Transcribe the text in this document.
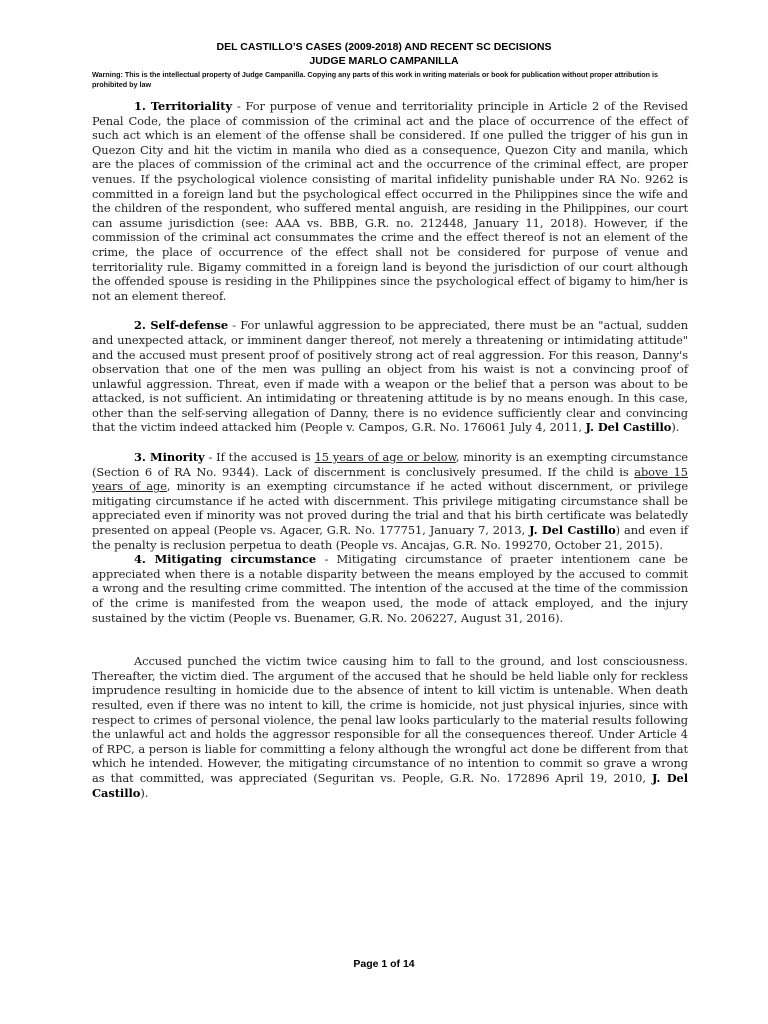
DEL CASTILLO’S CASES (2009-2018) AND RECENT SC DECISIONS
JUDGE MARLO CAMPANILLA
Warning: This is the intellectual property of Judge Campanilla. Copying any parts of this work in writing materials or book for publication without proper attribution is prohibited by law

1. Territoriality - For purpose of venue and territoriality principle in Article 2 of the Revised Penal Code, the place of commission of the criminal act and the place of occurrence of the effect of such act which is an element of the offense shall be considered. If one pulled the trigger of his gun in Quezon City and hit the victim in manila who died as a consequence, Quezon City and manila, which are the places of commission of the criminal act and the occurrence of the criminal effect, are proper venues. If the psychological violence consisting of marital infidelity punishable under RA No. 9262 is committed in a foreign land but the psychological effect occurred in the Philippines since the wife and the children of the respondent, who suffered mental anguish, are residing in the Philippines, our court can assume jurisdiction (see: AAA vs. BBB, G.R. no. 212448, January 11, 2018). However, if the commission of the criminal act consummates the crime and the effect thereof is not an element of the crime, the place of occurrence of the effect shall not be considered for purpose of venue and territoriality rule. Bigamy committed in a foreign land is beyond the jurisdiction of our court although the offended spouse is residing in the Philippines since the psychological effect of bigamy to him/her is not an element thereof.

2. Self-defense - For unlawful aggression to be appreciated, there must be an "actual, sudden and unexpected attack, or imminent danger thereof, not merely a threatening or intimidating attitude" and the accused must present proof of positively strong act of real aggression. For this reason, Danny's observation that one of the men was pulling an object from his waist is not a convincing proof of unlawful aggression. Threat, even if made with a weapon or the belief that a person was about to be attacked, is not sufficient. An intimidating or threatening attitude is by no means enough. In this case, other than the self-serving allegation of Danny, there is no evidence sufficiently clear and convincing that the victim indeed attacked him (People v. Campos, G.R. No. 176061 July 4, 2011, J. Del Castillo).

3. Minority - If the accused is 15 years of age or below, minority is an exempting circumstance (Section 6 of RA No. 9344). Lack of discernment is conclusively presumed. If the child is above 15 years of age, minority is an exempting circumstance if he acted without discernment, or privilege mitigating circumstance if he acted with discernment. This privilege mitigating circumstance shall be appreciated even if minority was not proved during the trial and that his birth certificate was belatedly presented on appeal (People vs. Agacer, G.R. No. 177751, January 7, 2013, J. Del Castillo) and even if the penalty is reclusion perpetua to death (People vs. Ancajas, G.R. No. 199270, October 21, 2015).

4. Mitigating circumstance - Mitigating circumstance of praeter intentionem cane be appreciated when there is a notable disparity between the means employed by the accused to commit a wrong and the resulting crime committed. The intention of the accused at the time of the commission of the crime is manifested from the weapon used, the mode of attack employed, and the injury sustained by the victim (People vs. Buenamer, G.R. No. 206227, August 31, 2016).

Accused punched the victim twice causing him to fall to the ground, and lost consciousness. Thereafter, the victim died. The argument of the accused that he should be held liable only for reckless imprudence resulting in homicide due to the absence of intent to kill victim is untenable. When death resulted, even if there was no intent to kill, the crime is homicide, not just physical injuries, since with respect to crimes of personal violence, the penal law looks particularly to the material results following the unlawful act and holds the aggressor responsible for all the consequences thereof. Under Article 4 of RPC, a person is liable for committing a felony although the wrongful act done be different from that which he intended. However, the mitigating circumstance of no intention to commit so grave a wrong as that committed, was appreciated (Seguritan vs. People, G.R. No. 172896 April 19, 2010, J. Del Castillo).

Page 1 of 14
